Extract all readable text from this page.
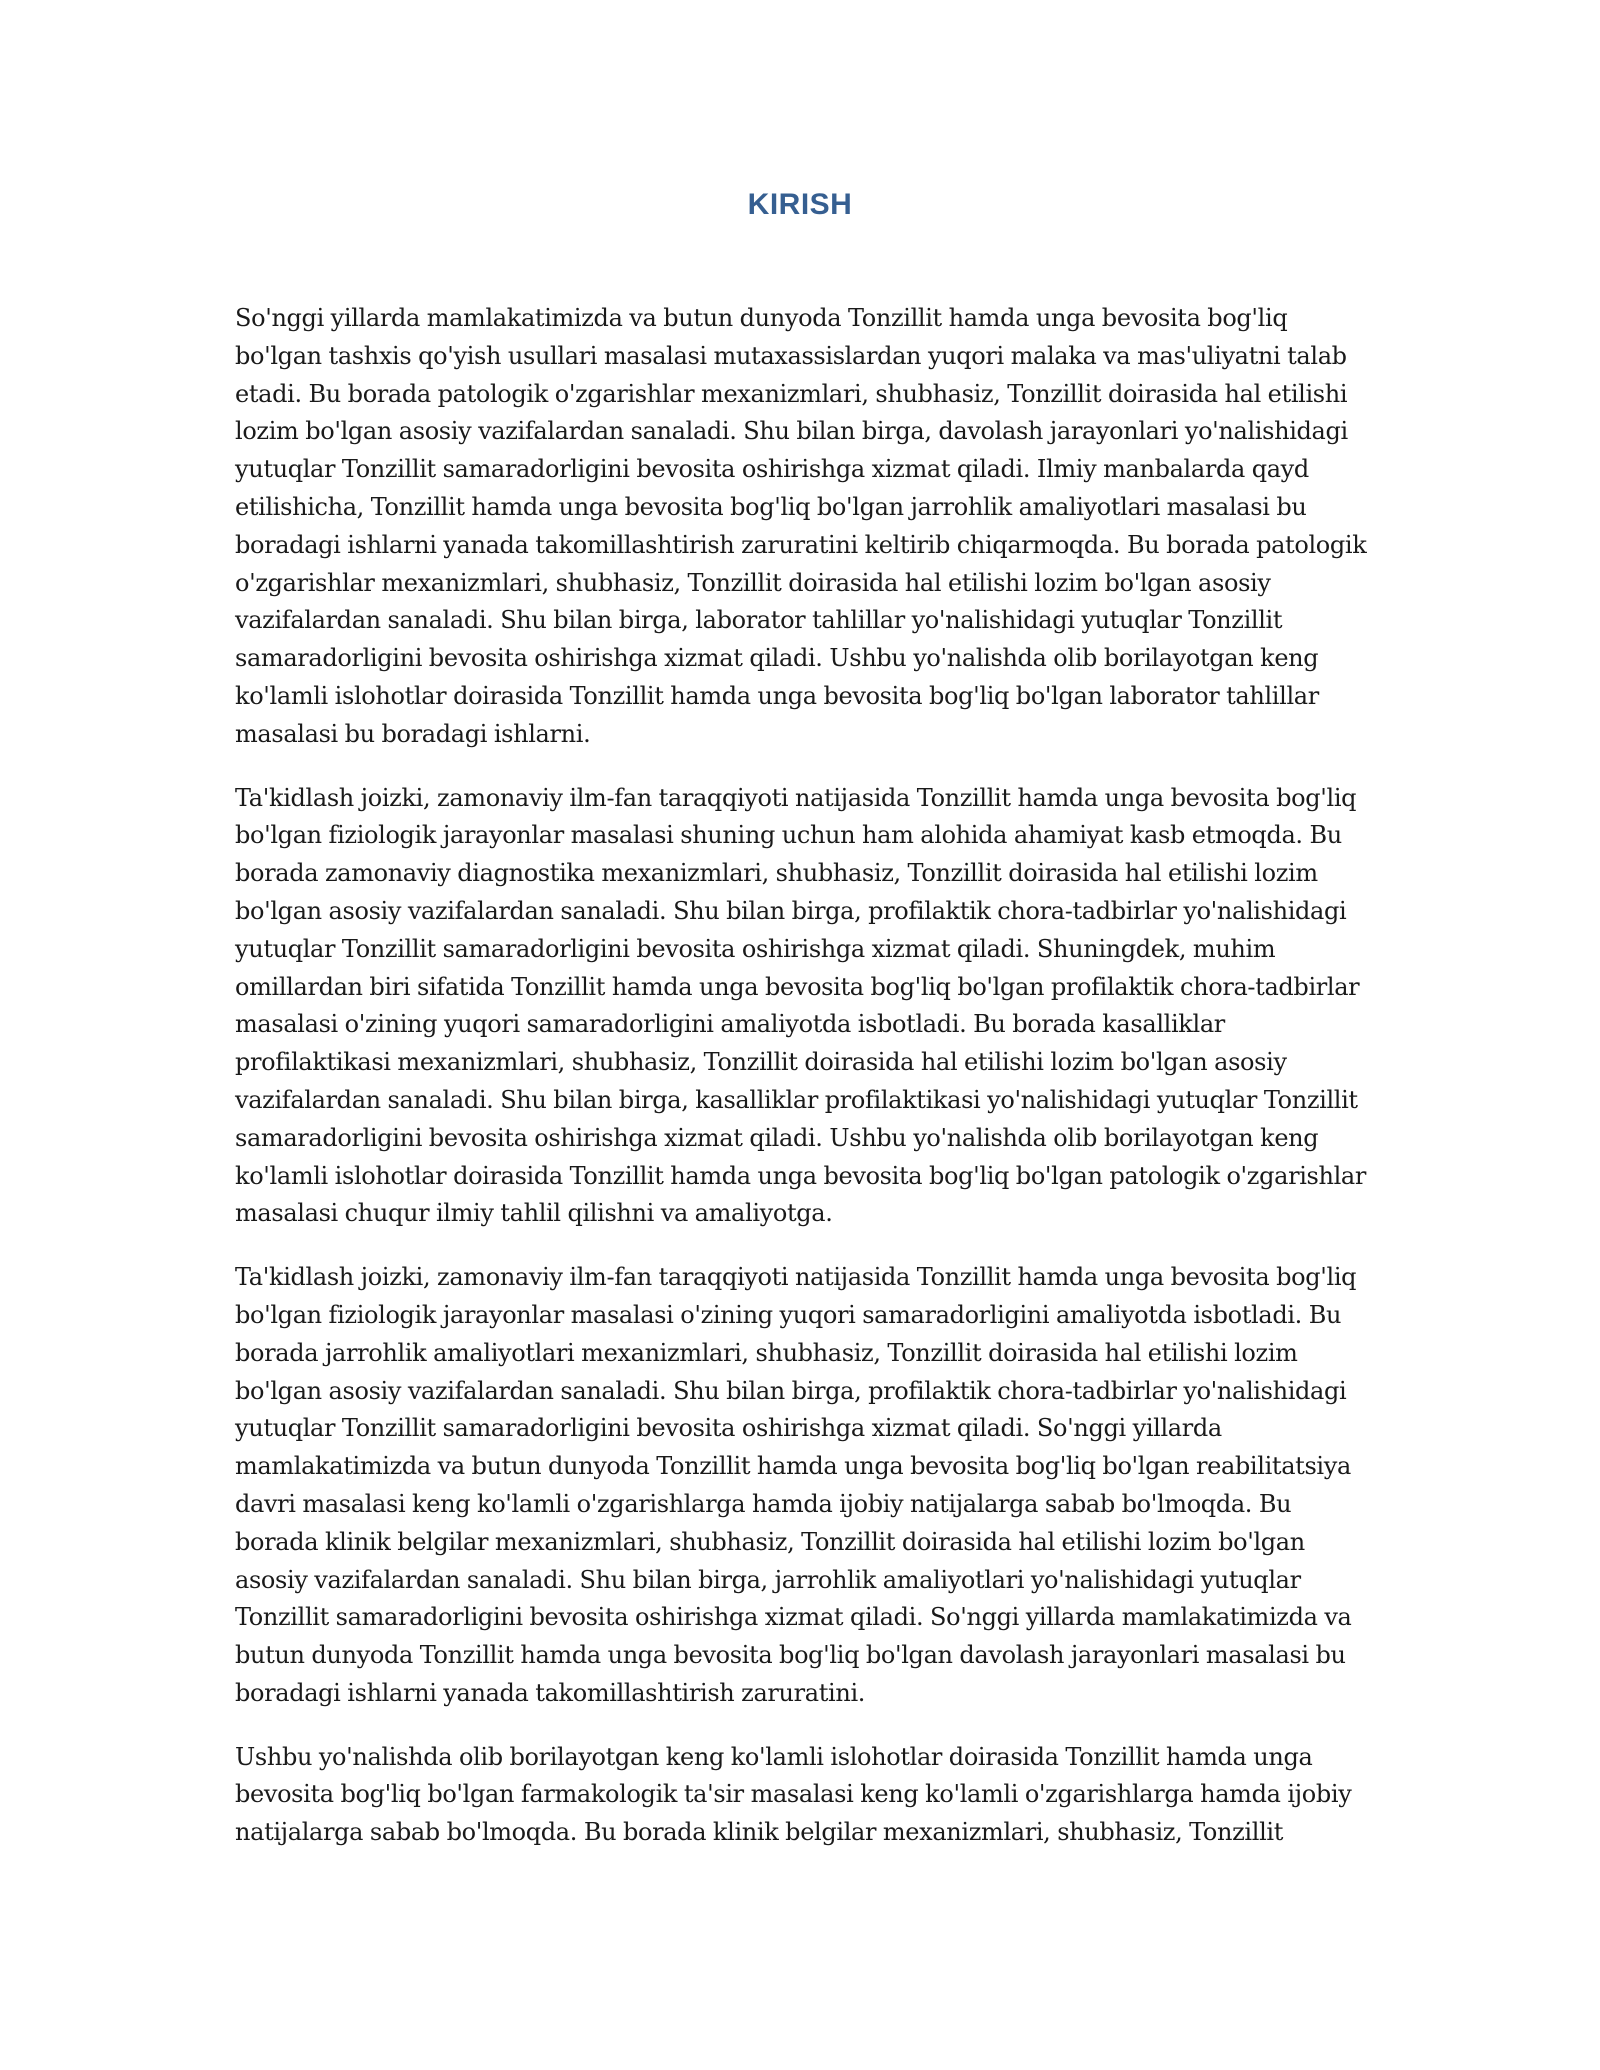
KIRISH

So'nggi yillarda mamlakatimizda va butun dunyoda Tonzillit hamda unga bevosita bog'liq bo'lgan tashxis qo'yish usullari masalasi mutaxassislardan yuqori malaka va mas'uliyatni talab etadi. Bu borada patologik o'zgarishlar mexanizmlari, shubhasiz, Tonzillit doirasida hal etilishi lozim bo'lgan asosiy vazifalardan sanaladi. Shu bilan birga, davolash jarayonlari yo'nalishidagi yutuqlar Tonzillit samaradorligini bevosita oshirishga xizmat qiladi. Ilmiy manbalarda qayd etilishicha, Tonzillit hamda unga bevosita bog'liq bo'lgan jarrohlik amaliyotlari masalasi bu boradagi ishlarni yanada takomillashtirish zaruratini keltirib chiqarmoqda. Bu borada patologik o'zgarishlar mexanizmlari, shubhasiz, Tonzillit doirasida hal etilishi lozim bo'lgan asosiy vazifalardan sanaladi. Shu bilan birga, laborator tahlillar yo'nalishidagi yutuqlar Tonzillit samaradorligini bevosita oshirishga xizmat qiladi. Ushbu yo'nalishda olib borilayotgan keng ko'lamli islohotlar doirasida Tonzillit hamda unga bevosita bog'liq bo'lgan laborator tahlillar masalasi bu boradagi ishlarni.

Ta'kidlash joizki, zamonaviy ilm-fan taraqqiyoti natijasida Tonzillit hamda unga bevosita bog'liq bo'lgan fiziologik jarayonlar masalasi shuning uchun ham alohida ahamiyat kasb etmoqda. Bu borada zamonaviy diagnostika mexanizmlari, shubhasiz, Tonzillit doirasida hal etilishi lozim bo'lgan asosiy vazifalardan sanaladi. Shu bilan birga, profilaktik chora-tadbirlar yo'nalishidagi yutuqlar Tonzillit samaradorligini bevosita oshirishga xizmat qiladi. Shuningdek, muhim omillardan biri sifatida Tonzillit hamda unga bevosita bog'liq bo'lgan profilaktik chora-tadbirlar masalasi o'zining yuqori samaradorligini amaliyotda isbotladi. Bu borada kasalliklar profilaktikasi mexanizmlari, shubhasiz, Tonzillit doirasida hal etilishi lozim bo'lgan asosiy vazifalardan sanaladi. Shu bilan birga, kasalliklar profilaktikasi yo'nalishidagi yutuqlar Tonzillit samaradorligini bevosita oshirishga xizmat qiladi. Ushbu yo'nalishda olib borilayotgan keng ko'lamli islohotlar doirasida Tonzillit hamda unga bevosita bog'liq bo'lgan patologik o'zgarishlar masalasi chuqur ilmiy tahlil qilishni va amaliyotga.

Ta'kidlash joizki, zamonaviy ilm-fan taraqqiyoti natijasida Tonzillit hamda unga bevosita bog'liq bo'lgan fiziologik jarayonlar masalasi o'zining yuqori samaradorligini amaliyotda isbotladi. Bu borada jarrohlik amaliyotlari mexanizmlari, shubhasiz, Tonzillit doirasida hal etilishi lozim bo'lgan asosiy vazifalardan sanaladi. Shu bilan birga, profilaktik chora-tadbirlar yo'nalishidagi yutuqlar Tonzillit samaradorligini bevosita oshirishga xizmat qiladi. So'nggi yillarda mamlakatimizda va butun dunyoda Tonzillit hamda unga bevosita bog'liq bo'lgan reabilitatsiya davri masalasi keng ko'lamli o'zgarishlarga hamda ijobiy natijalarga sabab bo'lmoqda. Bu borada klinik belgilar mexanizmlari, shubhasiz, Tonzillit doirasida hal etilishi lozim bo'lgan asosiy vazifalardan sanaladi. Shu bilan birga, jarrohlik amaliyotlari yo'nalishidagi yutuqlar Tonzillit samaradorligini bevosita oshirishga xizmat qiladi. So'nggi yillarda mamlakatimizda va butun dunyoda Tonzillit hamda unga bevosita bog'liq bo'lgan davolash jarayonlari masalasi bu boradagi ishlarni yanada takomillashtirish zaruratini.

Ushbu yo'nalishda olib borilayotgan keng ko'lamli islohotlar doirasida Tonzillit hamda unga bevosita bog'liq bo'lgan farmakologik ta'sir masalasi keng ko'lamli o'zgarishlarga hamda ijobiy natijalarga sabab bo'lmoqda. Bu borada klinik belgilar mexanizmlari, shubhasiz, Tonzillit
